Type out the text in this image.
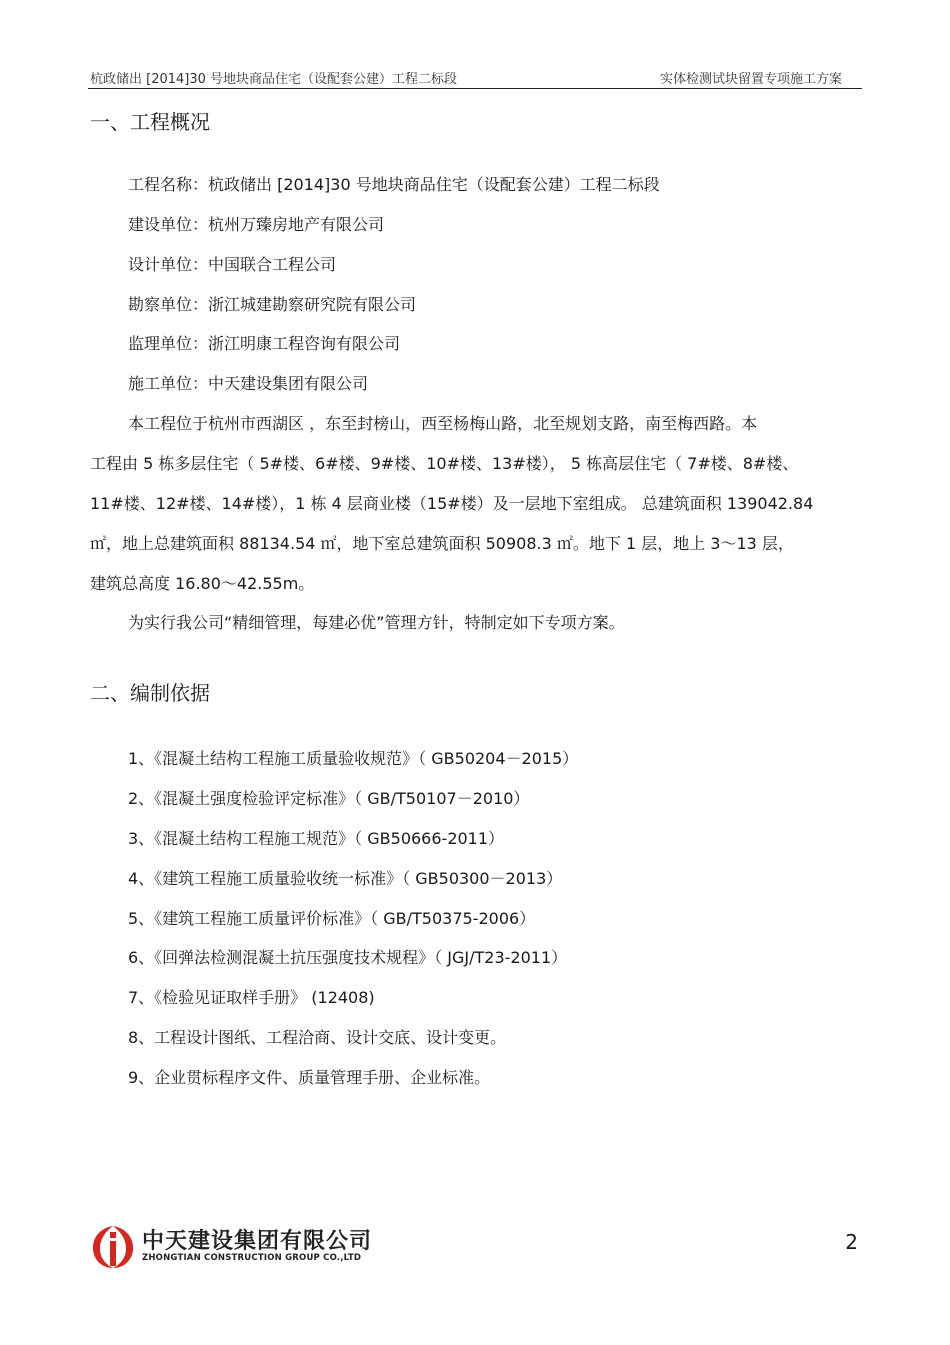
杭政储出 [2014]30 号地块商品住宅（设配套公建）工程二标段	实体检测试块留置专项施工方案
一、工程概况
工程名称：杭政储出 [2014]30 号地块商品住宅（设配套公建）工程二标段
建设单位：杭州万臻房地产有限公司
设计单位：中国联合工程公司
勘察单位：浙江城建勘察研究院有限公司
监理单位：浙江明康工程咨询有限公司
施工单位：中天建设集团有限公司
本工程位于杭州市西湖区 ，东至封榜山，西至杨梅山路，北至规划支路，南至梅西路。本
工程由 5 栋多层住宅（ 5#楼、6#楼、9#楼、10#楼、13#楼）， 5 栋高层住宅（ 7#楼、8#楼、
11#楼、12#楼、14#楼），1 栋 4 层商业楼（15#楼）及一层地下室组成。 总建筑面积 139042.84
㎡，地上总建筑面积 88134.54 ㎡，地下室总建筑面积 50908.3 ㎡。地下 1 层，地上 3～13 层，
建筑总高度 16.80～42.55m。
为实行我公司“精细管理，每建必优”管理方针，特制定如下专项方案。
二、编制依据
1、《混凝土结构工程施工质量验收规范》（ GB50204－2015）
2、《混凝土强度检验评定标准》（ GB/T50107－2010）
3、《混凝土结构工程施工规范》（ GB50666-2011）
4、《建筑工程施工质量验收统一标准》（ GB50300－2013）
5、《建筑工程施工质量评价标准》（ GB/T50375-2006）
6、《回弹法检测混凝土抗压强度技术规程》（ JGJ/T23-2011）
7、《检验见证取样手册》 (12408)
8、工程设计图纸、工程洽商、设计交底、设计变更。
9、企业贯标程序文件、质量管理手册、企业标准。
中天建设集团有限公司
ZHONGTIAN CONSTRUCTION GROUP CO.,LTD
2
